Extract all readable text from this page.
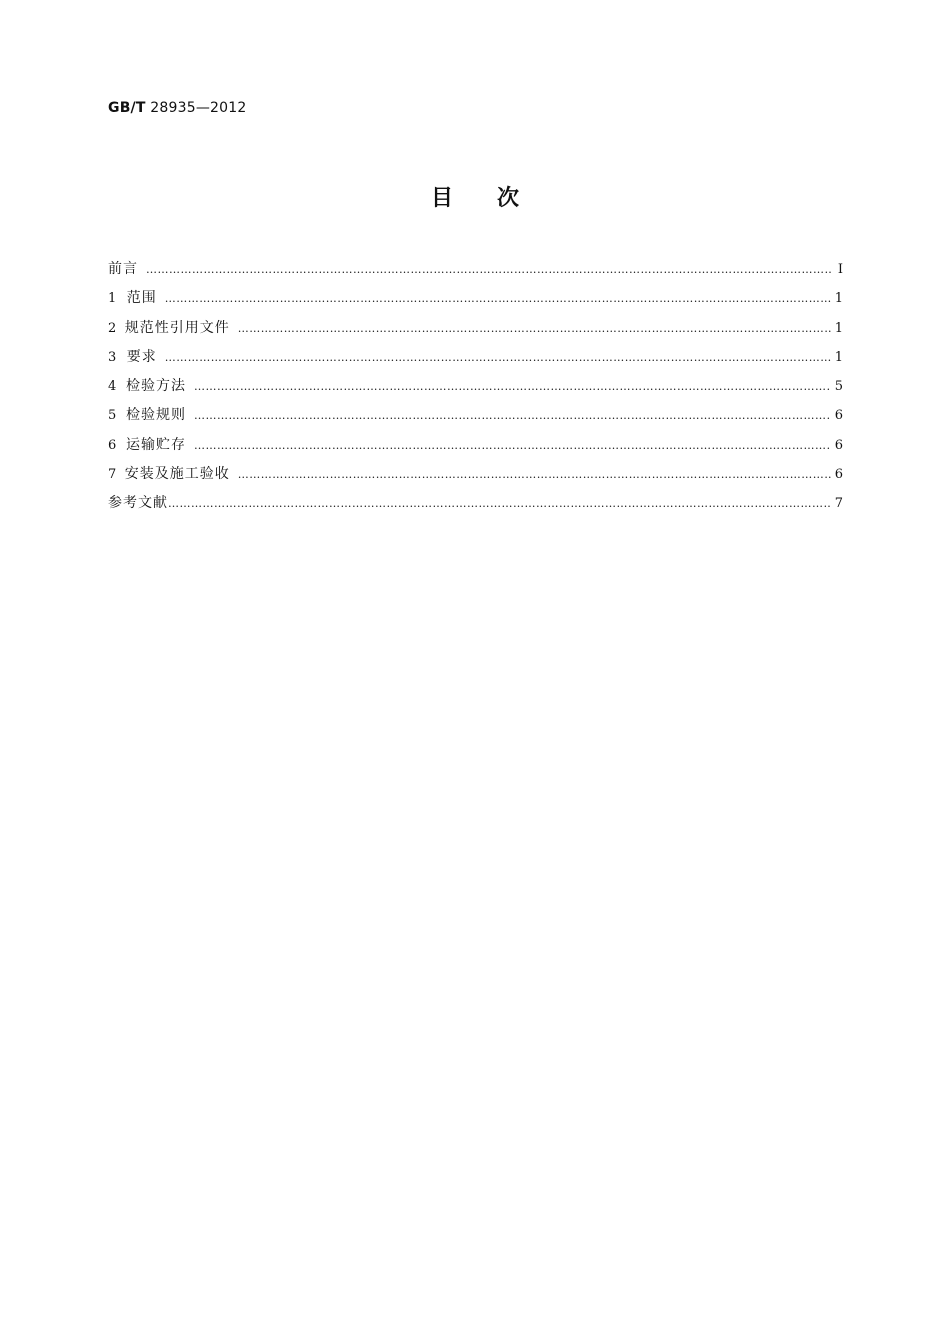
GB/T 28935—2012
目次
前言 ……………………………………………………………………………………………………………………………………………………………………………………………………………	Ⅰ
1 范围 ……………………………………………………………………………………………………………………………………………………………………………………………………………	1
2 规范性引用文件 ……………………………………………………………………………………………………………………………………………………………………………………………………………	1
3 要求 ……………………………………………………………………………………………………………………………………………………………………………………………………………	1
4 检验方法 ……………………………………………………………………………………………………………………………………………………………………………………………………………	5
5 检验规则 ……………………………………………………………………………………………………………………………………………………………………………………………………………	6
6 运输贮存 ……………………………………………………………………………………………………………………………………………………………………………………………………………	6
7 安装及施工验收 ……………………………………………………………………………………………………………………………………………………………………………………………………………	6
参考文献 ……………………………………………………………………………………………………………………………………………………………………………………………………………	7
